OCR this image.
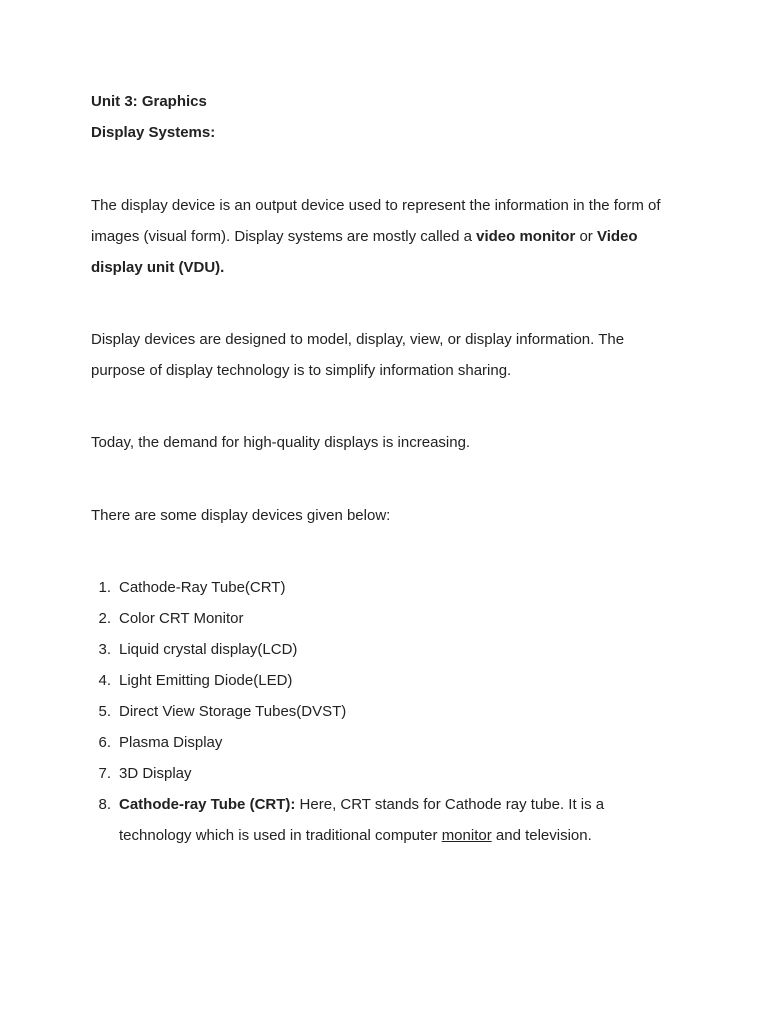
Unit 3: Graphics
Display Systems:
The display device is an output device used to represent the information in the form of
images (visual form). Display systems are mostly called a video monitor or Video
display unit (VDU).
Display devices are designed to model, display, view, or display information. The
purpose of display technology is to simplify information sharing.
Today, the demand for high-quality displays is increasing.
There are some display devices given below:
1. Cathode-Ray Tube(CRT)
2. Color CRT Monitor
3. Liquid crystal display(LCD)
4. Light Emitting Diode(LED)
5. Direct View Storage Tubes(DVST)
6. Plasma Display
7. 3D Display
8. Cathode-ray Tube (CRT): Here, CRT stands for Cathode ray tube. It is a
technology which is used in traditional computer monitor and television.
